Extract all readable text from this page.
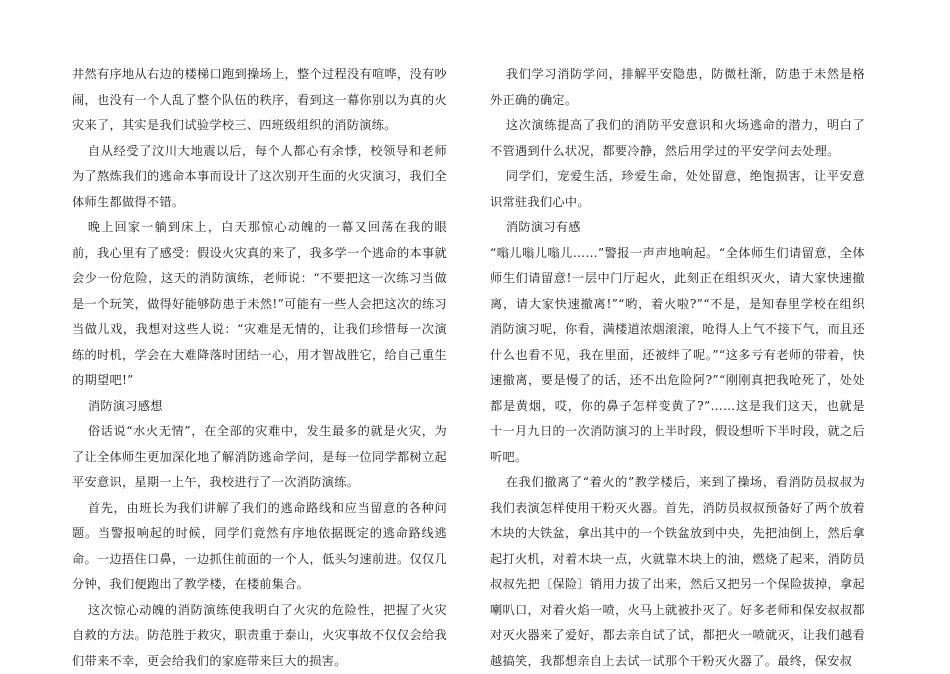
井然有序地从右边的楼梯口跑到操场上，整个过程没有喧哗，没有吵闹，也没有一个人乱了整个队伍的秩序，看到这一幕你别以为真的火灾来了，其实是我们试验学校三、四班级组织的消防演练。

自从经受了汶川大地震以后，每个人都心有余悸，校领导和老师为了熬炼我们的逃命本事而设计了这次别开生面的火灾演习，我们全体师生都做得不错。

晚上回家一躺到床上，白天那惊心动魄的一幕又回荡在我的眼前，我心里有了感受：假设火灾真的来了，我多学一个逃命的本事就会少一份危险，这天的消防演练，老师说：“不要把这一次练习当做是一个玩笑，做得好能够防患于未然!”可能有一些人会把这次的练习当做儿戏，我想对这些人说：“灾难是无情的，让我们珍惜每一次演练的时机，学会在大难降落时团结一心，用才智战胜它，给自己重生的期望吧!”

消防演习感想

俗话说“水火无情”，在全部的灾难中，发生最多的就是火灾，为了让全体师生更加深化地了解消防逃命学问，是每一位同学都树立起平安意识，星期一上午，我校进行了一次消防演练。

首先，由班长为我们讲解了我们的逃命路线和应当留意的各种问题。当警报响起的时候，同学们竟然有序地依据既定的逃命路线逃命。一边捂住口鼻，一边抓住前面的一个人，低头匀速前进。仅仅几分钟，我们便跑出了教学楼，在楼前集合。

这次惊心动魄的消防演练使我明白了火灾的危险性，把握了火灾自救的方法。防范胜于救灾，职责重于泰山，火灾事故不仅仅会给我们带来不幸，更会给我们的家庭带来巨大的损害。

我们学习消防学问，排解平安隐患，防微杜渐，防患于未然是格外正确的确定。

这次演练提高了我们的消防平安意识和火场逃命的潜力，明白了不管遇到什么状况，都要冷静，然后用学过的平安学问去处理。

同学们，宠爱生活，珍爱生命，处处留意，绝饱损害，让平安意识常驻我们心中。

消防演习有感

“嗡儿嗡儿嗡儿……”警报一声声地响起。“全体师生们请留意，全体师生们请留意!一层中门厅起火，此刻正在组织灭火，请大家快速撤离，请大家快速撤离!”“哟，着火啦?”“不是，是知春里学校在组织消防演习呢，你看，满楼道浓烟滚滚，呛得人上气不接下气，而且还什么也看不见，我在里面，还被绊了呢。”“这多亏有老师的带着，快速撤离，要是慢了的话，还不出危险阿?”“刚刚真把我呛死了，处处都是黄烟，哎，你的鼻子怎样变黄了?”……这是我们这天，也就是十一月九日的一次消防演习的上半时段，假设想听下半时段，就之后听吧。

在我们撤离了“着火的”教学楼后，来到了操场，看消防员叔叔为我们表演怎样使用干粉灭火器。首先，消防员叔叔预备好了两个放着木块的大铁盆，拿出其中的一个铁盆放到中央，先把油倒上，然后拿起打火机，对着木块一点，火就靠木块上的油，燃烧了起来，消防员叔叔先把〔保险〕销用力拔了出来，然后又把另一个保险拔掉，拿起喇叭口，对着火焰一喷，火马上就被扑灭了。好多老师和保安叔叔都对灭火器来了爱好，都去亲自试了试，都把火一喷就灭，让我们越看越搞笑，我都想亲自上去试一试那个干粉灭火器了。最终，保安叔
